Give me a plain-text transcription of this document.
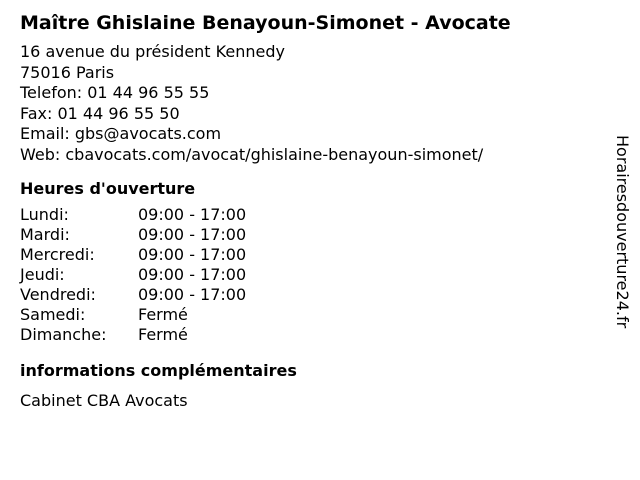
Maître Ghislaine Benayoun-Simonet - Avocate
16 avenue du président Kennedy
75016 Paris
Telefon: 01 44 96 55 55
Fax: 01 44 96 55 50
Email: gbs@avocats.com
Web: cbavocats.com/avocat/ghislaine-benayoun-simonet/
Heures d'ouverture
Lundi:	09:00 - 17:00
Mardi:	09:00 - 17:00
Mercredi:	09:00 - 17:00
Jeudi:	09:00 - 17:00
Vendredi:	09:00 - 17:00
Samedi:	Fermé
Dimanche:	Fermé
informations complémentaires
Cabinet CBA Avocats
Horairesdouverture24.fr
